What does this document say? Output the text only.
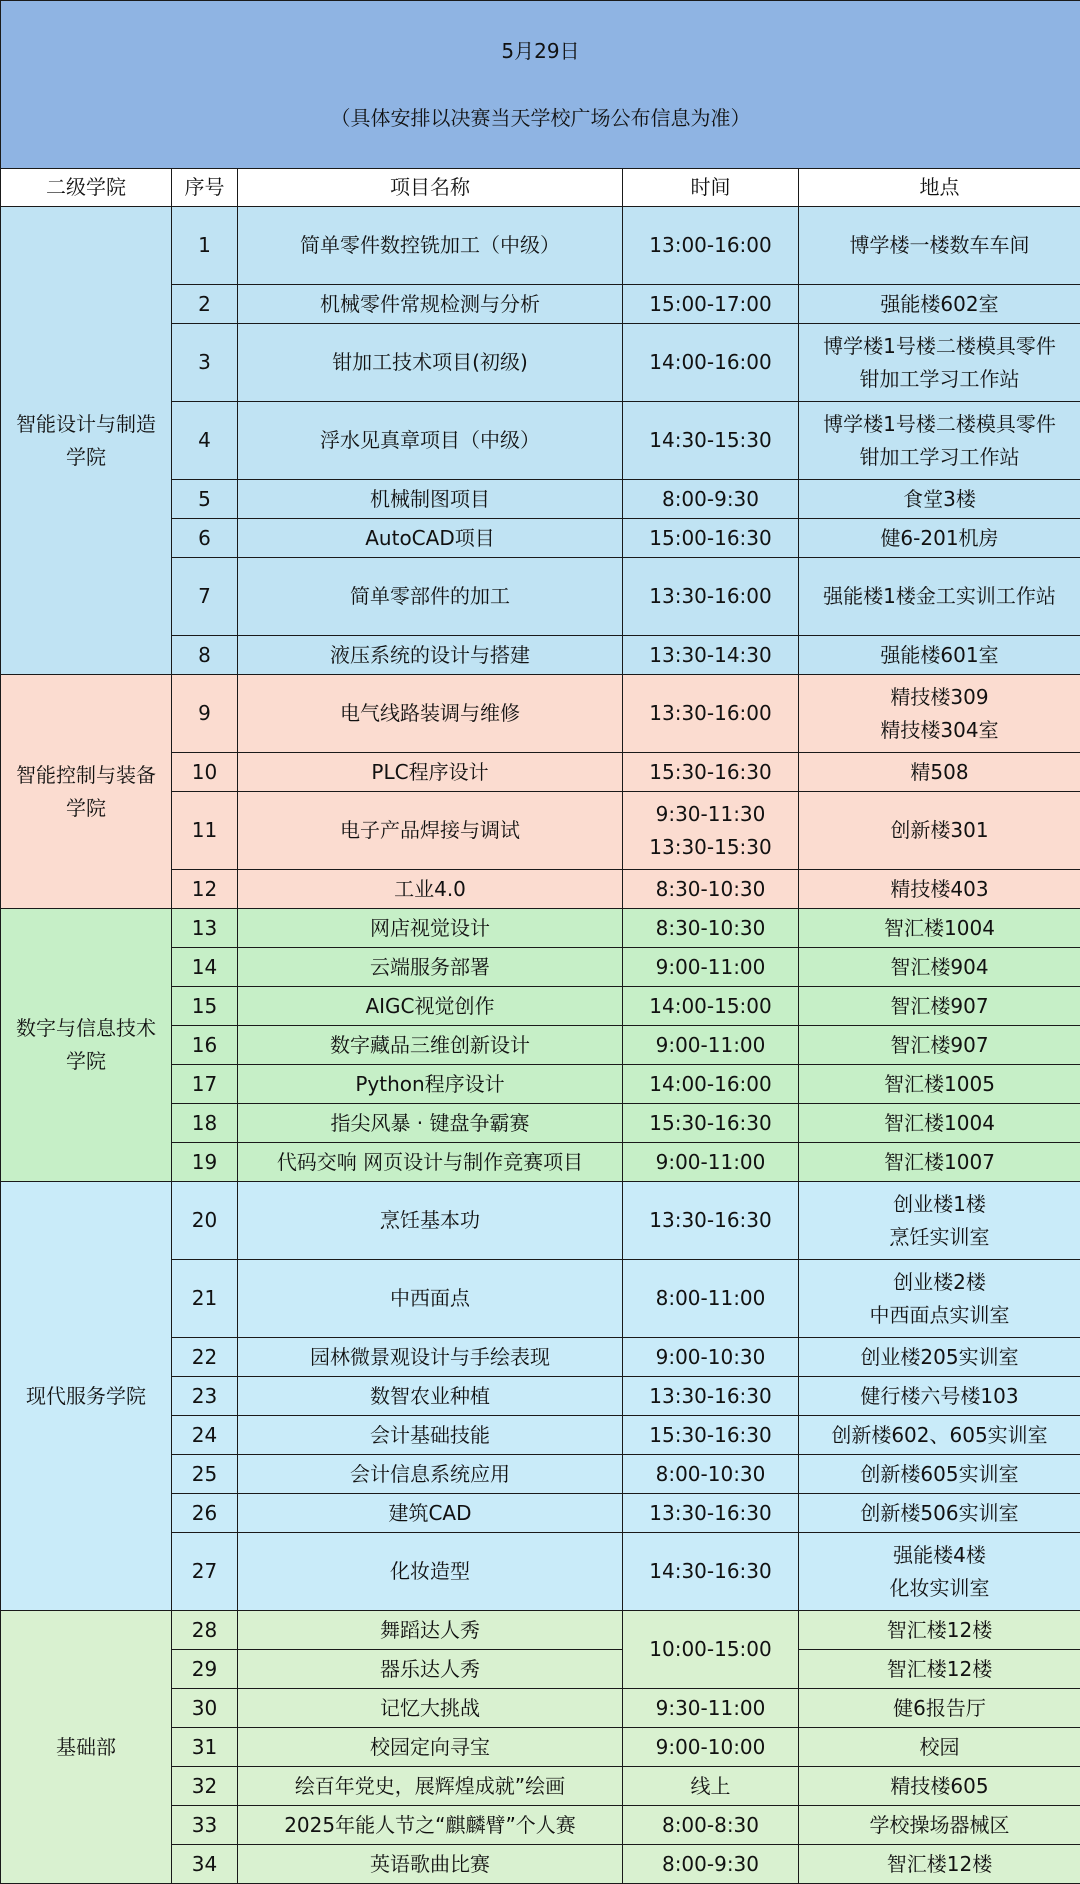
5月29日

（具体安排以决赛当天学校广场公布信息为准）				

二级学院	序号	项目名称	时间	地点
智能设计与制造
学院	1	简单零件数控铣加工（中级）	13:00-16:00	博学楼一楼数车车间
	2	机械零件常规检测与分析	15:00-17:00	强能楼602室
	3	钳加工技术项目(初级)	14:00-16:00	博学楼1号楼二楼模具零件
钳加工学习工作站
	4	浮水见真章项目（中级）	14:30-15:30	博学楼1号楼二楼模具零件
钳加工学习工作站
	5	机械制图项目	8:00-9:30	食堂3楼
	6	AutoCAD项目	15:00-16:30	健6-201机房
	7	简单零部件的加工	13:30-16:00	强能楼1楼金工实训工作站
	8	液压系统的设计与搭建	13:30-14:30	强能楼601室
智能控制与装备
学院	9	电气线路装调与维修	13:30-16:00	精技楼309
精技楼304室
	10	PLC程序设计	15:30-16:30	精508
	11	电子产品焊接与调试	9:30-11:30
13:30-15:30	创新楼301
	12	工业4.0	8:30-10:30	精技楼403
数字与信息技术
学院	13	网店视觉设计	8:30-10:30	智汇楼1004
	14	云端服务部署	9:00-11:00	智汇楼904
	15	AIGC视觉创作	14:00-15:00	智汇楼907
	16	数字藏品三维创新设计	9:00-11:00	智汇楼907
	17	Python程序设计	14:00-16:00	智汇楼1005
	18	指尖风暴 · 键盘争霸赛	15:30-16:30	智汇楼1004
	19	代码交响 网页设计与制作竞赛项目	9:00-11:00	智汇楼1007
现代服务学院	20	烹饪基本功	13:30-16:30	创业楼1楼
烹饪实训室
	21	中西面点	8:00-11:00	创业楼2楼
中西面点实训室
	22	园林微景观设计与手绘表现	9:00-10:30	创业楼205实训室
	23	数智农业种植	13:30-16:30	健行楼六号楼103
	24	会计基础技能	15:30-16:30	创新楼602、605实训室
	25	会计信息系统应用	8:00-10:30	创新楼605实训室
	26	建筑CAD	13:30-16:30	创新楼506实训室
	27	化妆造型	14:30-16:30	强能楼4楼
化妆实训室
基础部	28	舞蹈达人秀	10:00-15:00	智汇楼12楼
	29	器乐达人秀		智汇楼12楼
	30	记忆大挑战	9:30-11:00	健6报告厅
	31	校园定向寻宝	9:00-10:00	校园
	32	绘百年党史，展辉煌成就”绘画	线上	精技楼605
	33	2025年能人节之“麒麟臂”个人赛	8:00-8:30	学校操场器械区
	34	英语歌曲比赛	8:00-9:30	智汇楼12楼
